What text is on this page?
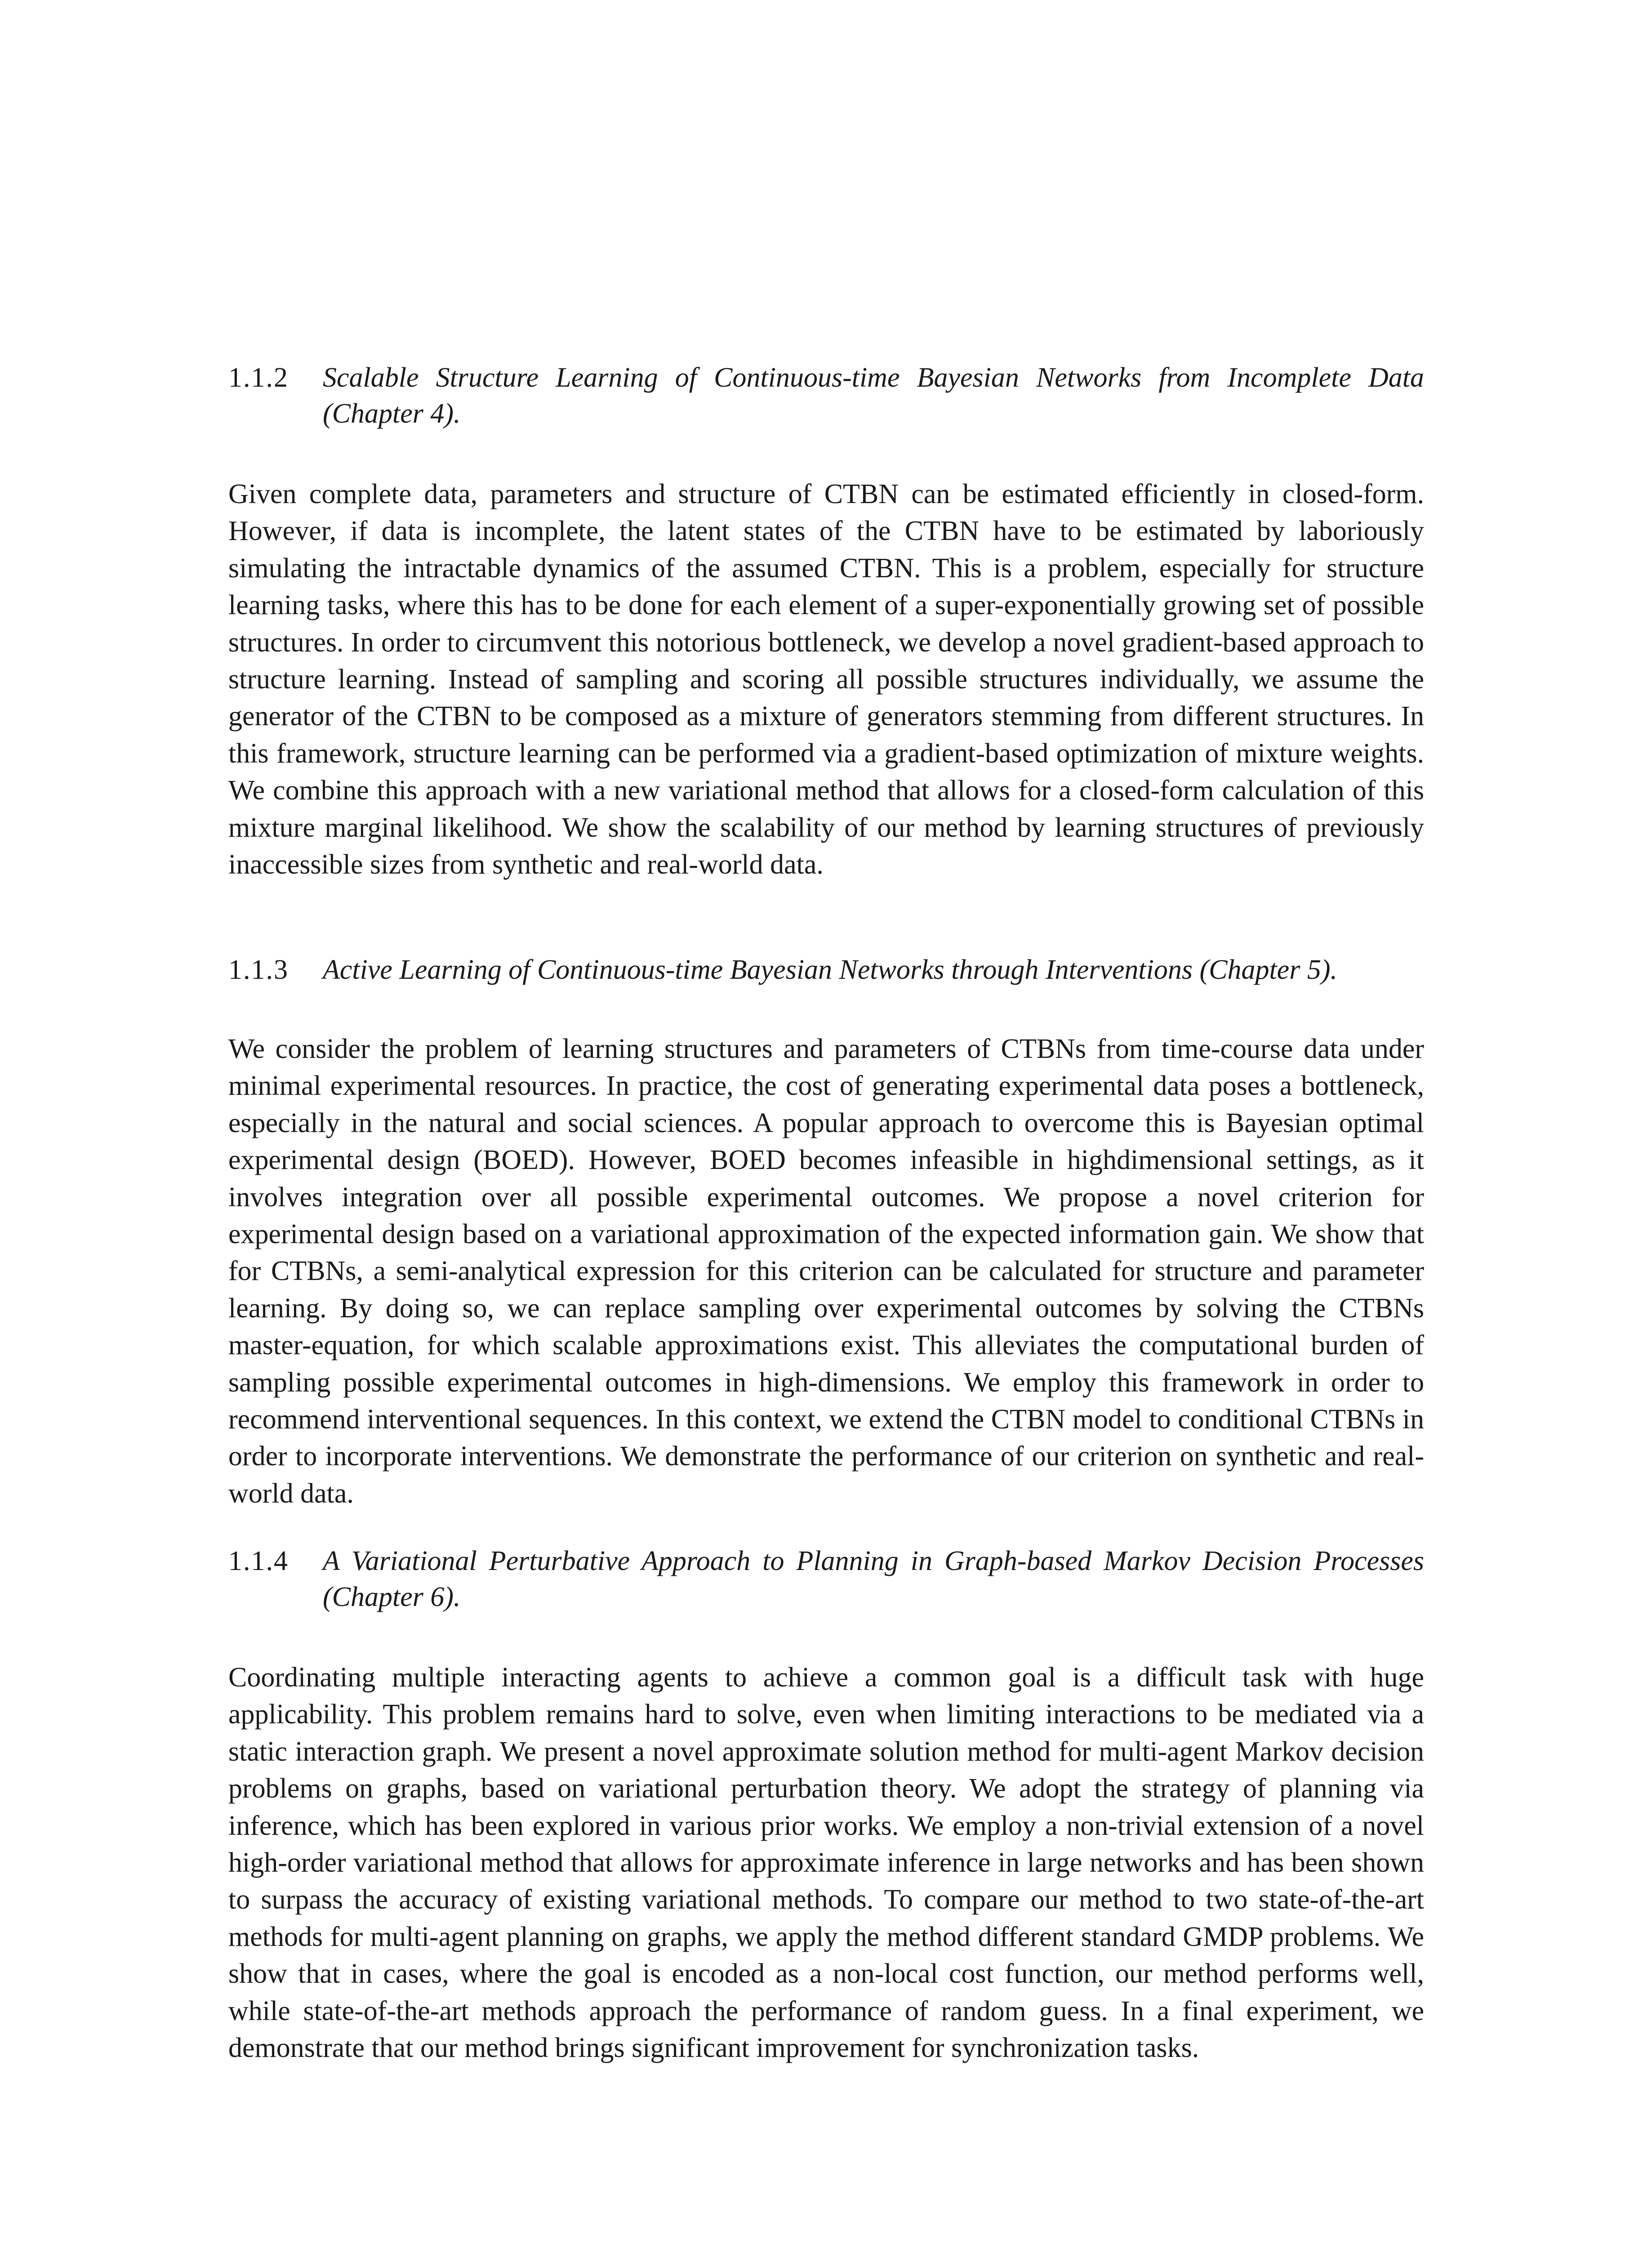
1.1.2 Scalable Structure Learning of Continuous-time Bayesian Networks from Incomplete Data (Chapter 4).

Given complete data, parameters and structure of CTBN can be estimated efficiently in closed-form. However, if data is incomplete, the latent states of the CTBN have to be estimated by laboriously simulating the intractable dynamics of the assumed CTBN. This is a problem, especially for structure learning tasks, where this has to be done for each element of a super-exponentially growing set of possible structures. In order to circumvent this notorious bottleneck, we develop a novel gradient-based approach to structure learning. Instead of sampling and scoring all possible structures individually, we assume the generator of the CTBN to be composed as a mixture of generators stemming from different structures. In this framework, structure learning can be performed via a gradient-based optimization of mixture weights. We combine this approach with a new variational method that allows for a closed-form calculation of this mixture marginal likelihood. We show the scalability of our method by learning structures of previously inaccessible sizes from synthetic and real-world data.

1.1.3 Active Learning of Continuous-time Bayesian Networks through Interventions (Chapter 5).

We consider the problem of learning structures and parameters of CTBNs from time-course data under minimal experimental resources. In practice, the cost of generating experimental data poses a bottleneck, especially in the natural and social sciences. A popular approach to overcome this is Bayesian optimal experimental design (BOED). However, BOED becomes infeasible in highdimensional settings, as it involves integration over all possible experimental outcomes. We propose a novel criterion for experimental design based on a variational approximation of the expected information gain. We show that for CTBNs, a semi-analytical expression for this criterion can be calculated for structure and parameter learning. By doing so, we can replace sampling over experimental outcomes by solving the CTBNs master-equation, for which scalable approximations exist. This alleviates the computational burden of sampling possible experimental outcomes in high-dimensions. We employ this framework in order to recommend interventional sequences. In this context, we extend the CTBN model to conditional CTBNs in order to incorporate interventions. We demonstrate the performance of our criterion on synthetic and real-world data.

1.1.4 A Variational Perturbative Approach to Planning in Graph-based Markov Decision Processes (Chapter 6).

Coordinating multiple interacting agents to achieve a common goal is a difficult task with huge applicability. This problem remains hard to solve, even when limiting interactions to be mediated via a static interaction graph. We present a novel approximate solution method for multi-agent Markov decision problems on graphs, based on variational perturbation theory. We adopt the strategy of planning via inference, which has been explored in various prior works. We employ a non-trivial extension of a novel high-order variational method that allows for approximate inference in large networks and has been shown to surpass the accuracy of existing variational methods. To compare our method to two state-of-the-art methods for multi-agent planning on graphs, we apply the method different standard GMDP problems. We show that in cases, where the goal is encoded as a non-local cost function, our method performs well, while state-of-the-art methods approach the performance of random guess. In a final experiment, we demonstrate that our method brings significant improvement for synchronization tasks.
